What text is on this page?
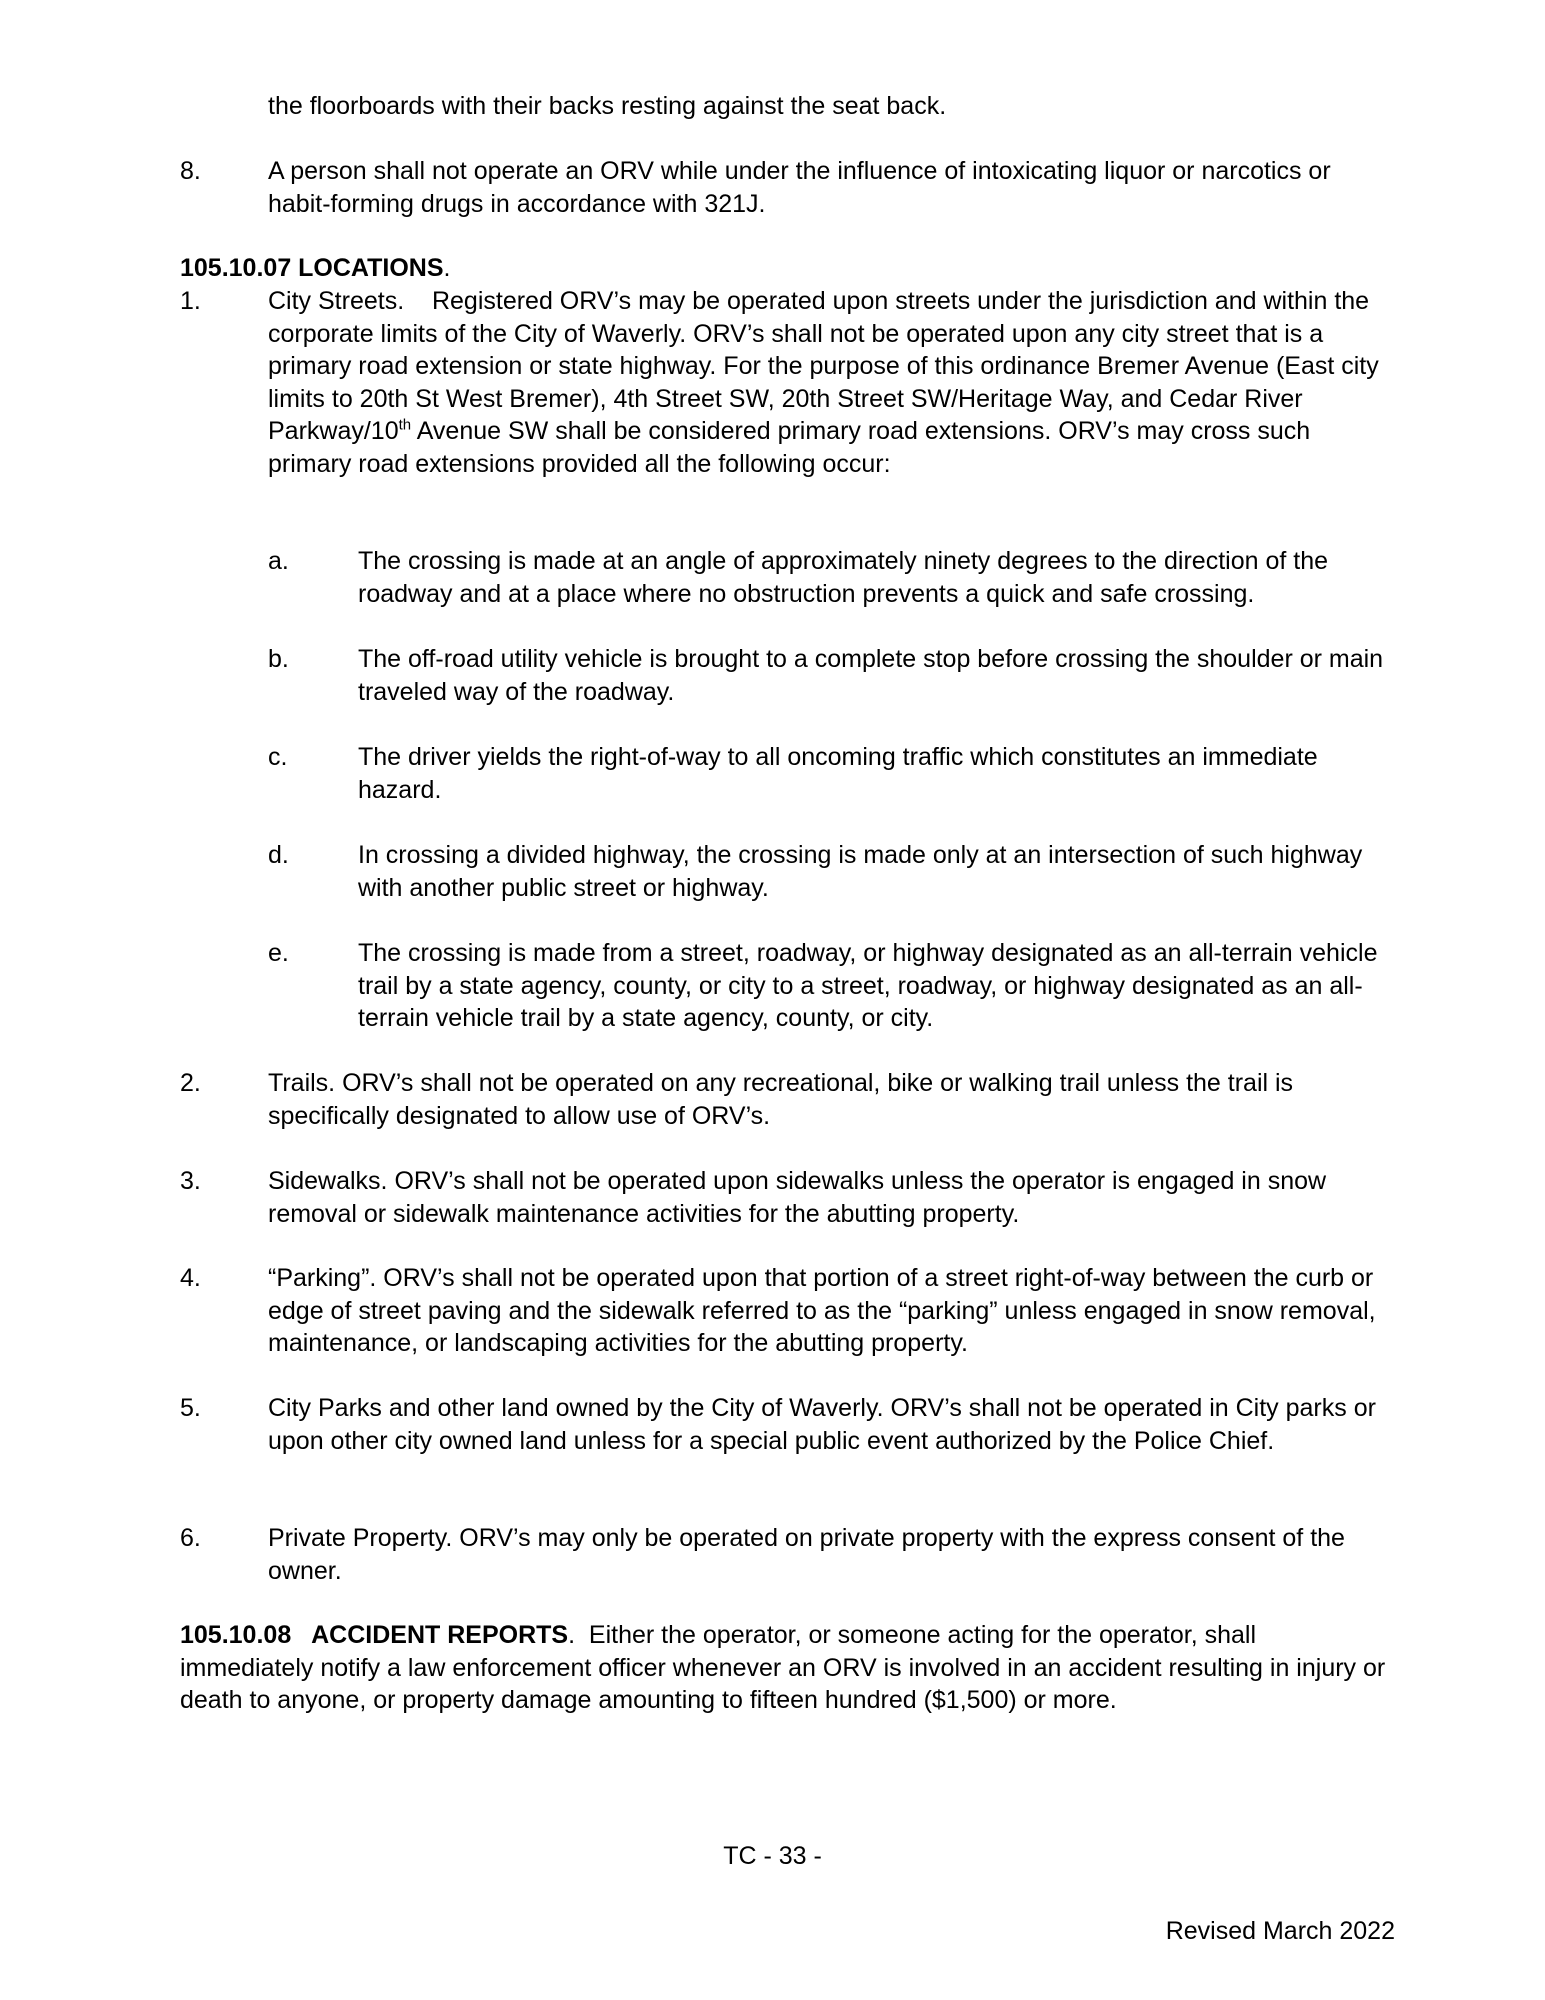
the floorboards with their backs resting against the seat back.

8.	A person shall not operate an ORV while under the influence of intoxicating liquor or narcotics or habit-forming drugs in accordance with 321J.

105.10.07 LOCATIONS.

1.	City Streets. Registered ORV’s may be operated upon streets under the jurisdiction and within the corporate limits of the City of Waverly. ORV’s shall not be operated upon any city street that is a primary road extension or state highway. For the purpose of this ordinance Bremer Avenue (East city limits to 20th St West Bremer), 4th Street SW, 20th Street SW/Heritage Way, and Cedar River Parkway/10th Avenue SW shall be considered primary road extensions. ORV’s may cross such primary road extensions provided all the following occur:

a.	The crossing is made at an angle of approximately ninety degrees to the direction of the roadway and at a place where no obstruction prevents a quick and safe crossing.

b.	The off-road utility vehicle is brought to a complete stop before crossing the shoulder or main traveled way of the roadway.

c.	The driver yields the right-of-way to all oncoming traffic which constitutes an immediate hazard.

d.	In crossing a divided highway, the crossing is made only at an intersection of such highway with another public street or highway.

e.	The crossing is made from a street, roadway, or highway designated as an all-terrain vehicle trail by a state agency, county, or city to a street, roadway, or highway designated as an all-terrain vehicle trail by a state agency, county, or city.

2.	Trails. ORV’s shall not be operated on any recreational, bike or walking trail unless the trail is specifically designated to allow use of ORV’s.

3.	Sidewalks. ORV’s shall not be operated upon sidewalks unless the operator is engaged in snow removal or sidewalk maintenance activities for the abutting property.

4.	“Parking”. ORV’s shall not be operated upon that portion of a street right-of-way between the curb or edge of street paving and the sidewalk referred to as the “parking” unless engaged in snow removal, maintenance, or landscaping activities for the abutting property.

5.	City Parks and other land owned by the City of Waverly. ORV’s shall not be operated in City parks or upon other city owned land unless for a special public event authorized by the Police Chief.

6.	Private Property. ORV’s may only be operated on private property with the express consent of the owner.

105.10.08   ACCIDENT REPORTS.  Either the operator, or someone acting for the operator, shall immediately notify a law enforcement officer whenever an ORV is involved in an accident resulting in injury or death to anyone, or property damage amounting to fifteen hundred ($1,500) or more.

TC - 33 -

Revised March 2022
